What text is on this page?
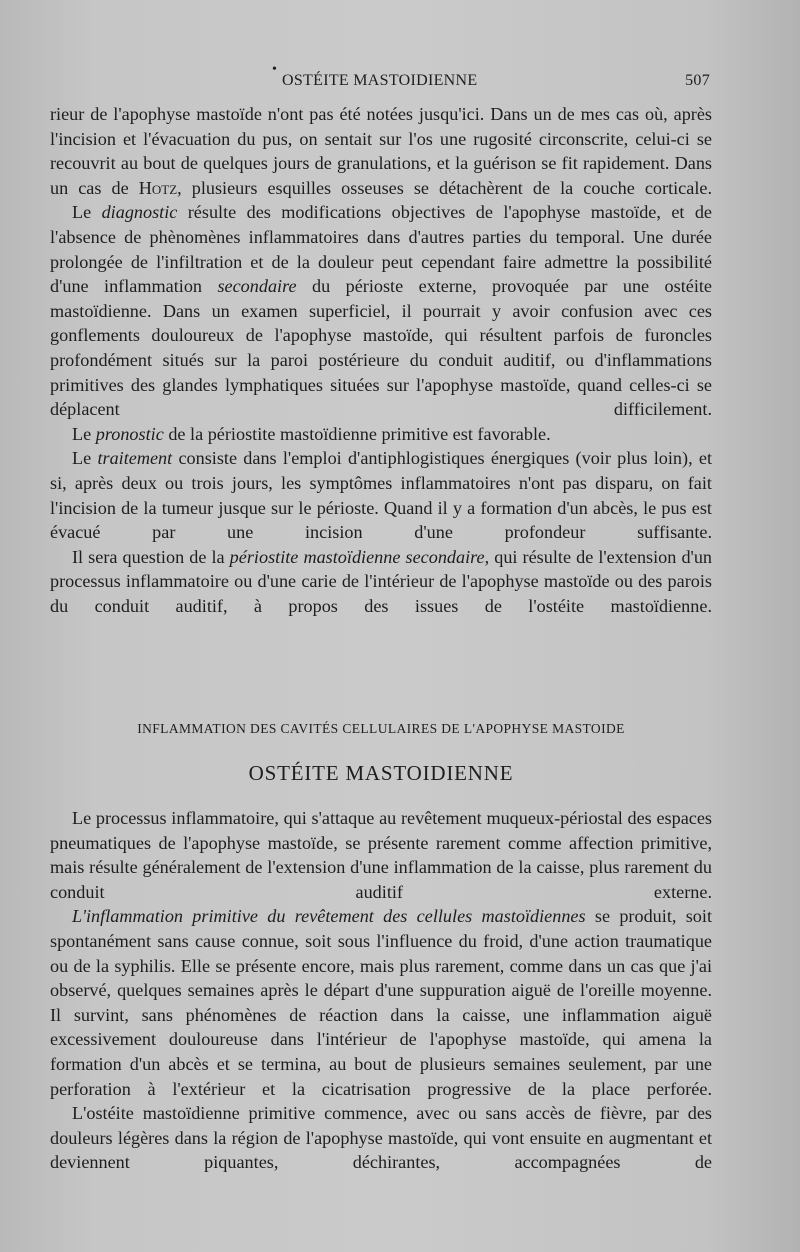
•
OSTÉITE MASTOIDIENNE	507

rieur de l'apophyse mastoïde n'ont pas été notées jusqu'ici. Dans un de mes cas où, après l'incision et l'évacuation du pus, on sentait sur l'os une rugosité circonscrite, celui-ci se recouvrit au bout de quelques jours de granulations, et la guérison se fit rapidement. Dans un cas de Hotz, plusieurs esquilles osseuses se détachèrent de la couche corticale.

Le diagnostic résulte des modifications objectives de l'apophyse mastoïde, et de l'absence de phènomènes inflammatoires dans d'autres parties du temporal. Une durée prolongée de l'infiltration et de la douleur peut cependant faire admettre la possibilité d'une inflammation secondaire du périoste externe, provoquée par une ostéite mastoïdienne. Dans un examen superficiel, il pourrait y avoir confusion avec ces gonflements douloureux de l'apophyse mastoïde, qui résultent parfois de furoncles profondément situés sur la paroi postérieure du conduit auditif, ou d'inflammations primitives des glandes lymphatiques situées sur l'apophyse mastoïde, quand celles-ci se déplacent difficilement.

Le pronostic de la périostite mastoïdienne primitive est favorable.

Le traitement consiste dans l'emploi d'antiphlogistiques énergiques (voir plus loin), et si, après deux ou trois jours, les symptômes inflammatoires n'ont pas disparu, on fait l'incision de la tumeur jusque sur le périoste. Quand il y a formation d'un abcès, le pus est évacué par une incision d'une profondeur suffisante.

Il sera question de la périostite mastoïdienne secondaire, qui résulte de l'extension d'un processus inflammatoire ou d'une carie de l'intérieur de l'apophyse mastoïde ou des parois du conduit auditif, à propos des issues de l'ostéite mastoïdienne.

INFLAMMATION DES CAVITÉS CELLULAIRES DE L'APOPHYSE MASTOIDE
OSTÉITE MASTOIDIENNE

Le processus inflammatoire, qui s'attaque au revêtement muqueux-périostal des espaces pneumatiques de l'apophyse mastoïde, se présente rarement comme affection primitive, mais résulte généralement de l'extension d'une inflammation de la caisse, plus rarement du conduit auditif externe.

L'inflammation primitive du revêtement des cellules mastoïdiennes se produit, soit spontanément sans cause connue, soit sous l'influence du froid, d'une action traumatique ou de la syphilis. Elle se présente encore, mais plus rarement, comme dans un cas que j'ai observé, quelques semaines après le départ d'une suppuration aiguë de l'oreille moyenne. Il survint, sans phénomènes de réaction dans la caisse, une inflammation aiguë excessivement douloureuse dans l'intérieur de l'apophyse mastoïde, qui amena la formation d'un abcès et se termina, au bout de plusieurs semaines seulement, par une perforation à l'extérieur et la cicatrisation progressive de la place perforée.

L'ostéite mastoïdienne primitive commence, avec ou sans accès de fièvre, par des douleurs légères dans la région de l'apophyse mastoïde, qui vont ensuite en augmentant et deviennent piquantes, déchirantes, accompagnées de
